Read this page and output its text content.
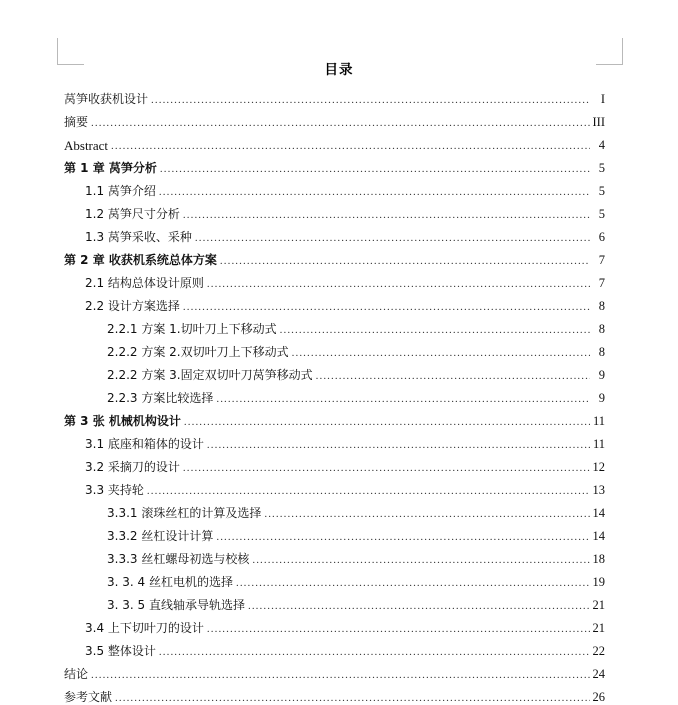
目录
莴笋收获机设计 .....	I
摘要 .....	III
Abstract .....	4
第 1 章 莴笋分析 .....	5
1.1 莴笋介绍 .....	5
1.2 莴笋尺寸分析 .....	5
1.3 莴笋采收、采种 .....	6
第 2 章 收获机系统总体方案 .....	7
2.1 结构总体设计原则 .....	7
2.2 设计方案选择 .....	8
2.2.1 方案 1.切叶刀上下移动式 .....	8
2.2.2 方案 2.双切叶刀上下移动式 .....	8
2.2.2 方案 3.固定双切叶刀莴笋移动式 .....	9
2.2.3 方案比较选择 .....	9
第 3 张 机械机构设计 .....	11
3.1 底座和箱体的设计 .....	11
3.2 采摘刀的设计 .....	12
3.3 夹持轮 .....	13
3.3.1 滚珠丝杠的计算及选择 .....	14
3.3.2 丝杠设计计算 .....	14
3.3.3 丝杠螺母初选与校核 .....	18
3. 3. 4 丝杠电机的选择 .....	19
3. 3. 5 直线轴承导轨选择 .....	21
3.4 上下切叶刀的设计 .....	21
3.5 整体设计 .....	22
结论 .....	24
参考文献 .....	26
